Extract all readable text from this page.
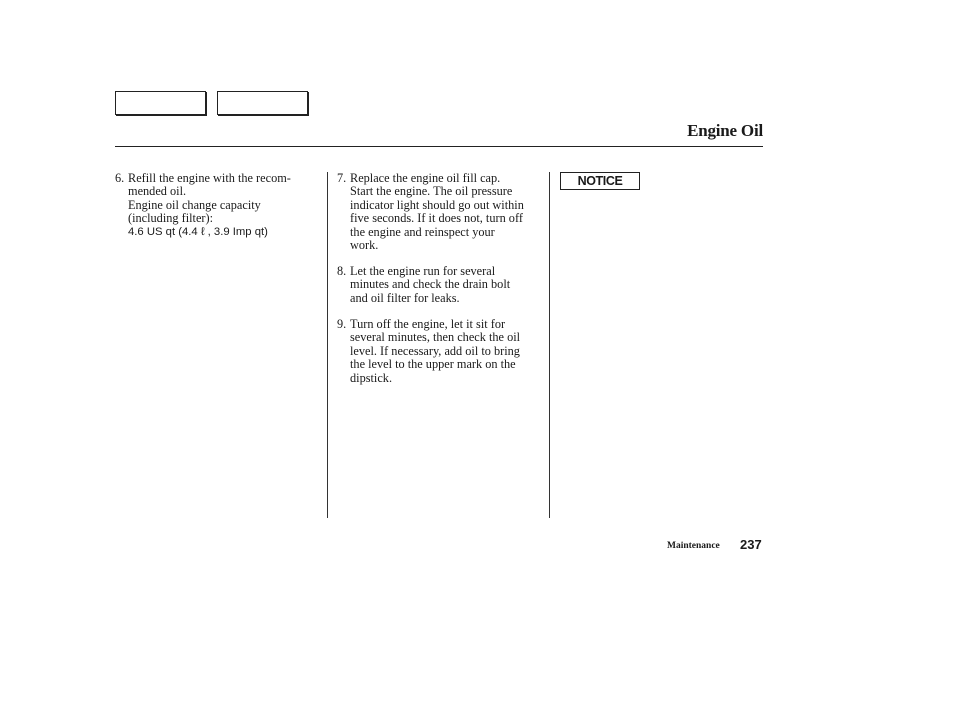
Engine Oil
6. Refill the engine with the recom-
mended oil.
Engine oil change capacity
(including filter):
4.6 US qt (4.4 ℓ , 3.9 Imp qt)
7. Replace the engine oil fill cap.
Start the engine. The oil pressure
indicator light should go out within
five seconds. If it does not, turn off
the engine and reinspect your
work.
8. Let the engine run for several
minutes and check the drain bolt
and oil filter for leaks.
9. Turn off the engine, let it sit for
several minutes, then check the oil
level. If necessary, add oil to bring
the level to the upper mark on the
dipstick.
NOTICE
Maintenance 237
